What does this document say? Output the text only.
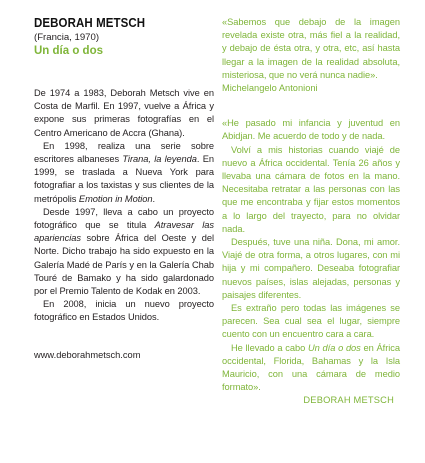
DEBORAH METSCH
(Francia, 1970)
Un día o dos

De 1974 a 1983, Deborah Metsch vive en Costa de Marfil. En 1997, vuelve a África y expone sus primeras fotografías en el Centro Americano de Accra (Ghana).

En 1998, realiza una serie sobre escritores albaneses Tirana, la leyenda. En 1999, se traslada a Nueva York para fotografiar a los taxistas y sus clientes de la metrópolis Emotion in Motion.

Desde 1997, lleva a cabo un proyecto fotográfico que se titula Atravesar las apariencias sobre África del Oeste y del Norte. Dicho trabajo ha sido expuesto en la Galería Madé de París y en la Galería Chab Touré de Bamako y ha sido galardonado por el Premio Talento de Kodak en 2003.

En 2008, inicia un nuevo proyecto fotográfico en Estados Unidos.

www.deborahmetsch.com

«Sabemos que debajo de la imagen revelada existe otra, más fiel a la realidad, y debajo de ésta otra, y otra, etc, así hasta llegar a la imagen de la realidad absoluta, misteriosa, que no verá nunca nadie».

Michelangelo Antonioni

«He pasado mi infancia y juventud en Abidjan. Me acuerdo de todo y de nada.

Volví a mis historias cuando viajé de nuevo a África occidental. Tenía 26 años y llevaba una cámara de fotos en la mano. Necesitaba retratar a las personas con las que me encontraba y fijar estos momentos a lo largo del trayecto, para no olvidar nada.

Después, tuve una niña. Dona, mi amor. Viajé de otra forma, a otros lugares, con mi hija y mi compañero. Deseaba fotografiar nuevos países, islas alejadas, personas y paisajes diferentes.

Es extraño pero todas las imágenes se parecen. Sea cual sea el lugar, siempre cuento con un encuentro cara a cara.

He llevado a cabo Un día o dos en África occidental, Florida, Bahamas y la Isla Mauricio, con una cámara de medio formato».

DEBORAH METSCH
